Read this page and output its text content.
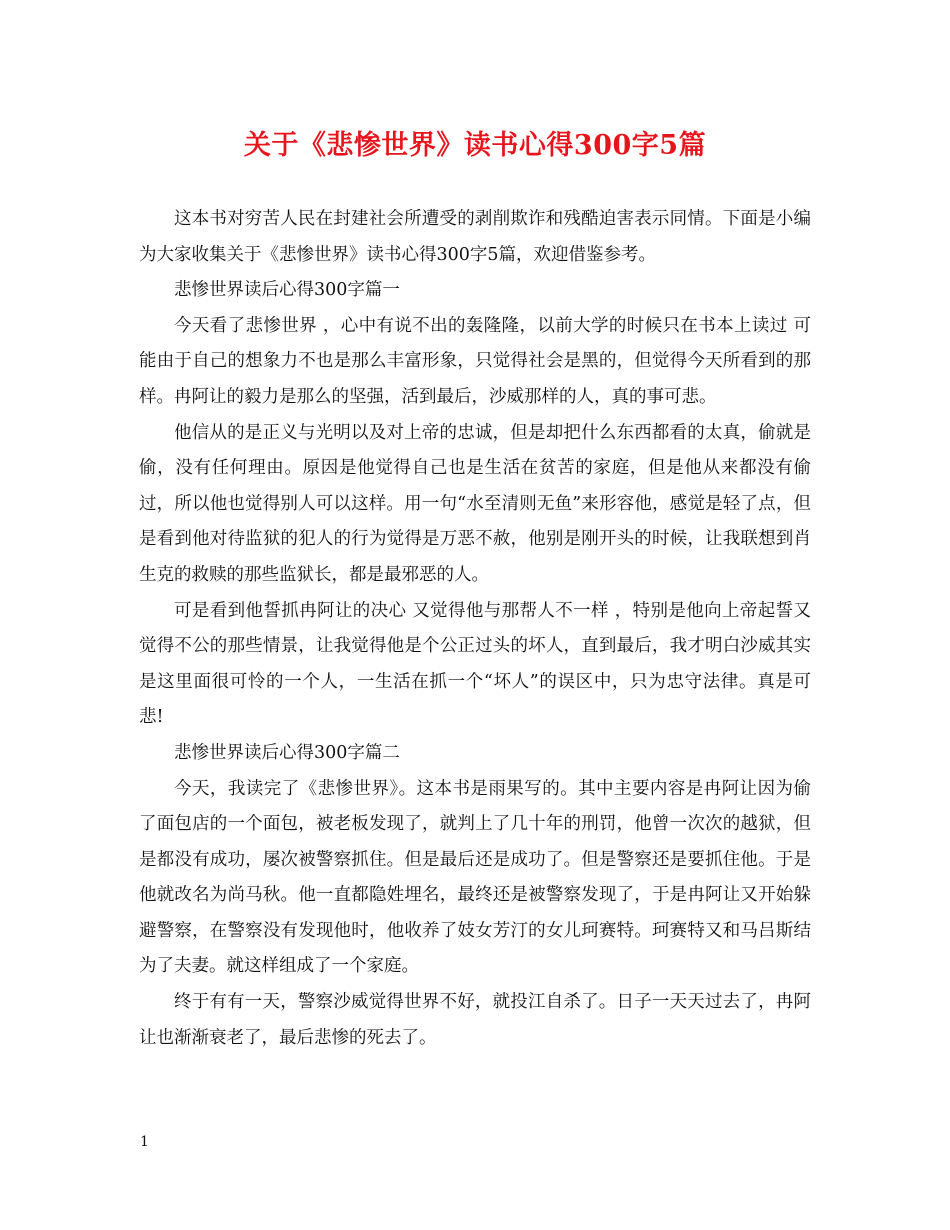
关于《悲惨世界》读书心得300字5篇

这本书对穷苦人民在封建社会所遭受的剥削欺诈和残酷迫害表示同情。下面是小编为大家收集关于《悲惨世界》读书心得300字5篇，欢迎借鉴参考。

悲惨世界读后心得300字篇一

今天看了悲惨世界 ，心中有说不出的轰隆隆，以前大学的时候只在书本上读过 可能由于自己的想象力不也是那么丰富形象，只觉得社会是黑的，但觉得今天所看到的那样。冉阿让的毅力是那么的坚强，活到最后，沙威那样的人，真的事可悲。

他信从的是正义与光明以及对上帝的忠诚，但是却把什么东西都看的太真，偷就是偷，没有任何理由。原因是他觉得自己也是生活在贫苦的家庭，但是他从来都没有偷过，所以他也觉得别人可以这样。用一句“水至清则无鱼”来形容他，感觉是轻了点，但是看到他对待监狱的犯人的行为觉得是万恶不赦，他别是刚开头的时候，让我联想到肖生克的救赎的那些监狱长，都是最邪恶的人。

可是看到他誓抓冉阿让的决心 又觉得他与那帮人不一样 ，特别是他向上帝起誓又觉得不公的那些情景，让我觉得他是个公正过头的坏人，直到最后，我才明白沙威其实是这里面很可怜的一个人，一生活在抓一个“坏人”的误区中，只为忠守法律。真是可悲!

悲惨世界读后心得300字篇二

今天，我读完了《悲惨世界》。这本书是雨果写的。其中主要内容是冉阿让因为偷了面包店的一个面包，被老板发现了，就判上了几十年的刑罚，他曾一次次的越狱，但是都没有成功，屡次被警察抓住。但是最后还是成功了。但是警察还是要抓住他。于是他就改名为尚马秋。他一直都隐姓埋名，最终还是被警察发现了，于是冉阿让又开始躲避警察，在警察没有发现他时，他收养了妓女芳汀的女儿珂赛特。珂赛特又和马吕斯结为了夫妻。就这样组成了一个家庭。

终于有有一天，警察沙威觉得世界不好，就投江自杀了。日子一天天过去了，冉阿让也渐渐衰老了，最后悲惨的死去了。

1
